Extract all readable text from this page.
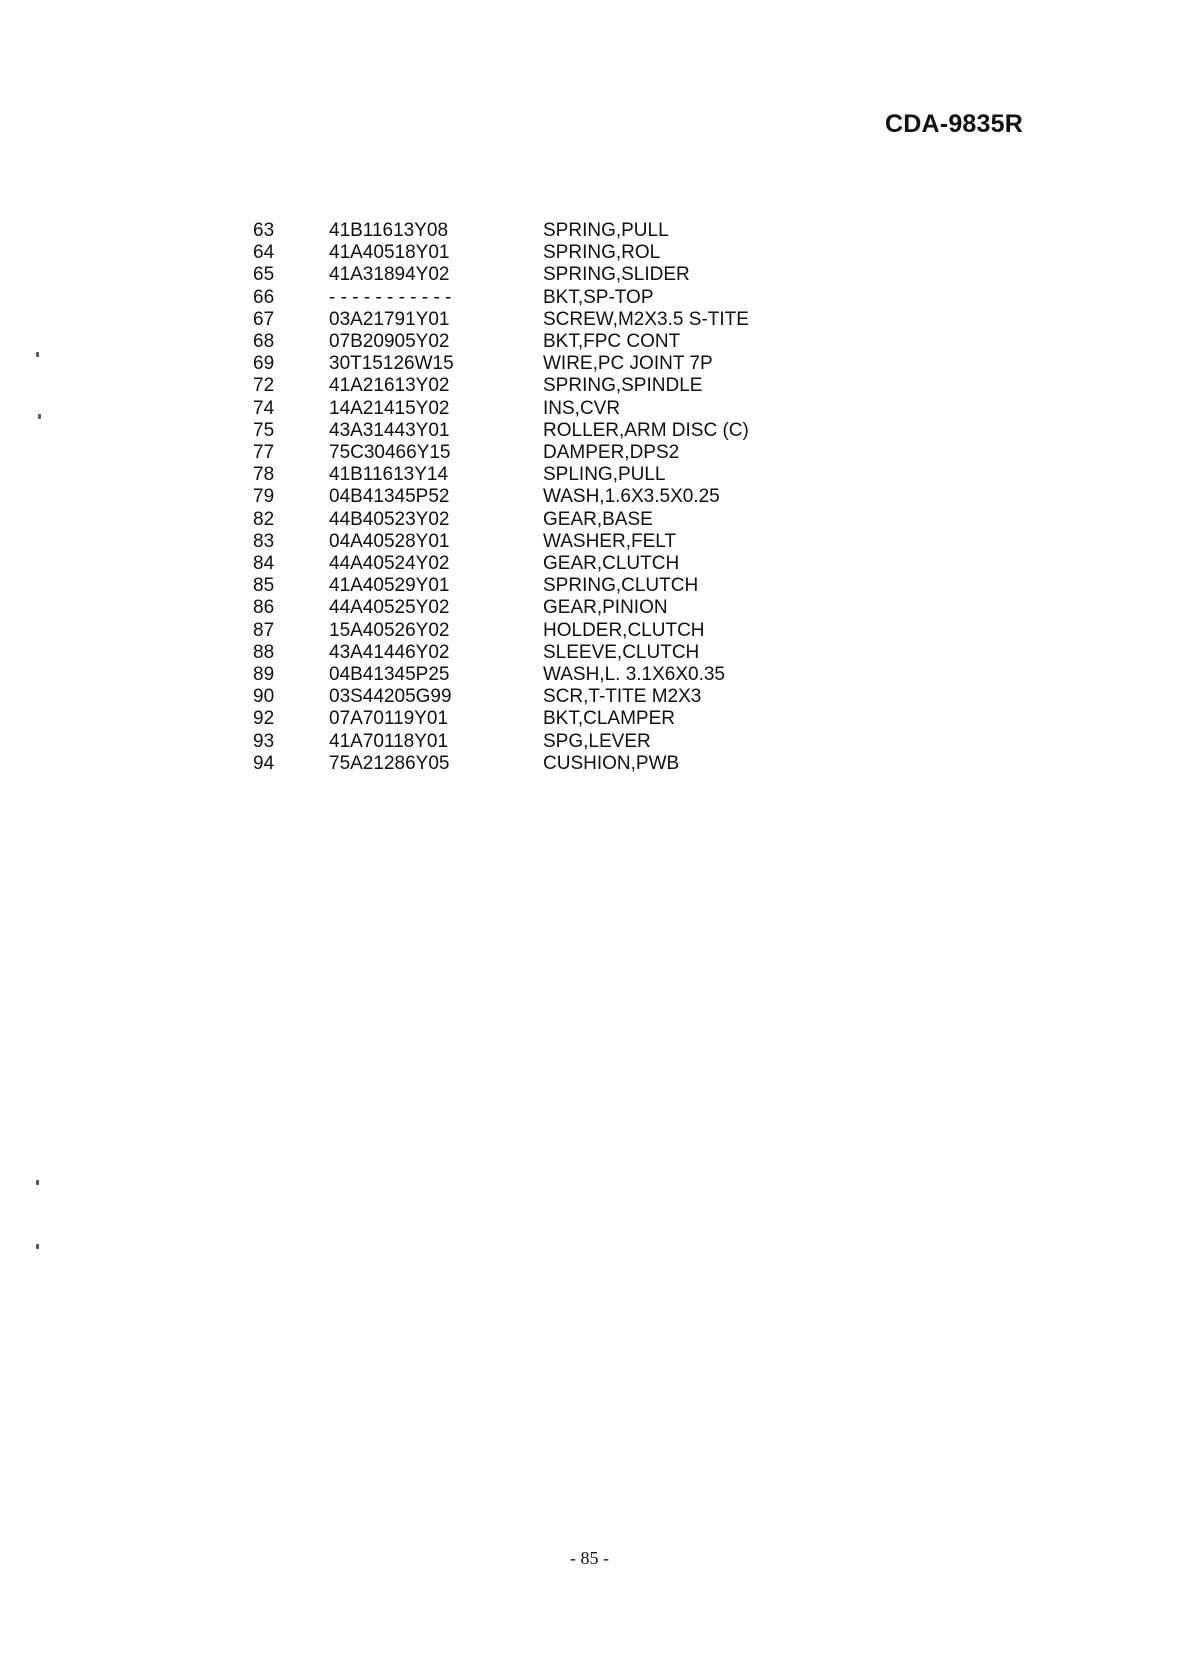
CDA-9835R
63	41B11613Y08	SPRING,PULL
64	41A40518Y01	SPRING,ROL
65	41A31894Y02	SPRING,SLIDER
66	- - - - - - - - - - -	BKT,SP-TOP
67	03A21791Y01	SCREW,M2X3.5 S-TITE
68	07B20905Y02	BKT,FPC CONT
69	30T15126W15	WIRE,PC JOINT 7P
72	41A21613Y02	SPRING,SPINDLE
74	14A21415Y02	INS,CVR
75	43A31443Y01	ROLLER,ARM DISC (C)
77	75C30466Y15	DAMPER,DPS2
78	41B11613Y14	SPLING,PULL
79	04B41345P52	WASH,1.6X3.5X0.25
82	44B40523Y02	GEAR,BASE
83	04A40528Y01	WASHER,FELT
84	44A40524Y02	GEAR,CLUTCH
85	41A40529Y01	SPRING,CLUTCH
86	44A40525Y02	GEAR,PINION
87	15A40526Y02	HOLDER,CLUTCH
88	43A41446Y02	SLEEVE,CLUTCH
89	04B41345P25	WASH,L. 3.1X6X0.35
90	03S44205G99	SCR,T-TITE M2X3
92	07A70119Y01	BKT,CLAMPER
93	41A70118Y01	SPG,LEVER
94	75A21286Y05	CUSHION,PWB
- 85 -
